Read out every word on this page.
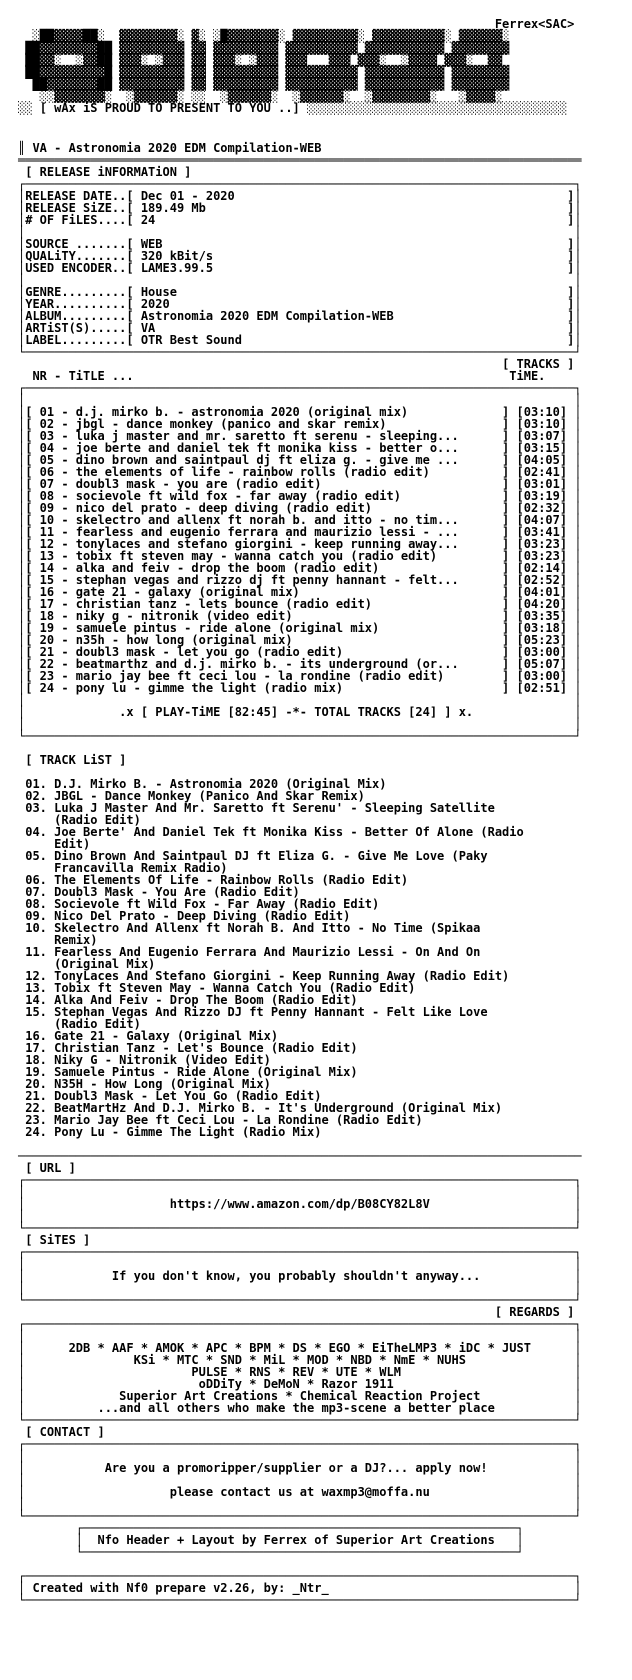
Ferrex<SAC>
░██▓▓▓▓██░  ▓▓▓▓▓▓▓▓░ ▓░ ░█▓▓▓▓▓▓▓░ ▓▓▓▓▓▓▓▓▓░ ▓▓▓▓▓▓▓▓▓▓░ ▓▓▓▓▓▓░
██▓▓▓▓▓▓▓▓██ ▓▓▓▓▓▓▓▓▓ ▓▓ ▓▓▓▓▓▓▓▓▓ ▓▓▓▓▓▓▓▓▓▓ ▓▓▓▓▓▓▓▓▓▓▓ ▓▓▓▓▓▓▓▓
██▓▓░  ░▓▓██ ▓▓▓░ ░▓▓▓ ▓▓ ▓▓▓░ ░▓▓▓ ▓▓▓   ▓▓▓ ▓▓▓░  ░▓▓▓▓ ▓▓▓░  ▓▓
██▓▓▓▓▓▓▓▓▓█ ▓▓▓▓▓▓▓▓▓ ▓▓ ▓▓▓▓▓▓▓▓▓ ▓▓▓▓▓▓▓▓▓▓ ▓▓▓▓▓▓▓▓▓▓▓ ▓▓▓▓▓▓▓▓
██▓▓▓▓▓▓▓██ ▓▓▓▓▓▓▓▓▓ ▓▓ ▓▓▓▓▓▓▓▓▓ ▓▓▓▓▓▓▓▓▓▓ ▓▓▓▓▓▓▓▓▓▓▓ ▓▓▓▓▓▓▓▓
░░▓▓▓▓▓▓▓░  ░▓▓▓▓▓▓░ ░░  ░▓▓▓▓▓▓░  ░▓▓▓▓▓▓░  ░▓▓▓▓▓▓▓▓░   ░▓▓▓▓░
░░ [ wAx iS PROUD TO PRESENT TO YOU ..] ░░░░░░░░░░░░░░░░░░░░░░░░░░░░░░░░░░░░

║ VA - Astronomia 2020 EDM Compilation-WEB
══════════════════════════════════════════════════════════════════════════════
[ RELEASE iNFORMATiON ]
┌────────────────────────────────────────────────────────────────────────────┐
│RELEASE DATE..[ Dec 01 - 2020                                              ]│
│RELEASE SiZE..[ 189.49 Mb                                                  ]│
│# OF FiLES....[ 24                                                         ]│
│	│
│SOURCE .......[ WEB                                                        ]│
│QUALiTY.......[ 320 kBit/s                                                 ]│
│USED ENCODER..[ LAME3.99.5                                                 ]│
│	│
│GENRE.........[ House                                                      ]│
│YEAR..........[ 2020                                                       ]│
│ALBUM.........[ Astronomia 2020 EDM Compilation-WEB                        ]│
│ARTiST(S).....[ VA                                                         ]│
│LABEL.........[ OTR Best Sound                                             ]│
└────────────────────────────────────────────────────────────────────────────┘
[ TRACKS ]
NR - TiTLE ...                                                    TiME.
┌────────────────────────────────────────────────────────────────────────────┐
│	│
│[ 01 - d.j. mirko b. - astronomia 2020 (original mix)             ] [03:10] │
│[ 02 - jbgl - dance monkey (panico and skar remix)                ] [03:10] │
│[ 03 - luka j master and mr. saretto ft serenu - sleeping...      ] [03:07] │
│[ 04 - joe berte and daniel tek ft monika kiss - better o...      ] [03:15] │
│[ 05 - dino brown and saintpaul dj ft eliza g. - give me ...      ] [04:05] │
│[ 06 - the elements of life - rainbow rolls (radio edit)          ] [02:41] │
│[ 07 - doubl3 mask - you are (radio edit)                         ] [03:01] │
│[ 08 - socievole ft wild fox - far away (radio edit)              ] [03:19] │
│[ 09 - nico del prato - deep diving (radio edit)                  ] [02:32] │
│[ 10 - skelectro and allenx ft norah b. and itto - no tim...      ] [04:07] │
│[ 11 - fearless and eugenio ferrara and maurizio lessi - ...      ] [03:41] │
│[ 12 - tonylaces and stefano giorgini - keep running away...      ] [03:23] │
│[ 13 - tobix ft steven may - wanna catch you (radio edit)         ] [03:23] │
│[ 14 - alka and feiv - drop the boom (radio edit)                 ] [02:14] │
│[ 15 - stephan vegas and rizzo dj ft penny hannant - felt...      ] [02:52] │
│[ 16 - gate 21 - galaxy (original mix)                            ] [04:01] │
│[ 17 - christian tanz - lets bounce (radio edit)                  ] [04:20] │
│[ 18 - niky g - nitronik (video edit)                             ] [03:35] │
│[ 19 - samuele pintus - ride alone (original mix)                 ] [03:18] │
│[ 20 - n35h - how long (original mix)                             ] [05:23] │
│[ 21 - doubl3 mask - let you go (radio edit)                      ] [03:00] │
│[ 22 - beatmarthz and d.j. mirko b. - its underground (or...      ] [05:07] │
│[ 23 - mario jay bee ft ceci lou - la rondine (radio edit)        ] [03:00] │
│[ 24 - pony lu - gimme the light (radio mix)                      ] [02:51] │
│	│
│             .x [ PLAY-TiME [82:45] -*- TOTAL TRACKS [24] ] x.              │
│	│
└────────────────────────────────────────────────────────────────────────────┘

[ TRACK LiST ]

01. D.J. Mirko B. - Astronomia 2020 (Original Mix)
02. JBGL - Dance Monkey (Panico And Skar Remix)
03. Luka J Master And Mr. Saretto ft Serenu' - Sleeping Satellite
(Radio Edit)
04. Joe Berte' And Daniel Tek ft Monika Kiss - Better Of Alone (Radio
Edit)
05. Dino Brown And Saintpaul DJ ft Eliza G. - Give Me Love (Paky
Francavilla Remix Radio)
06. The Elements Of Life - Rainbow Rolls (Radio Edit)
07. Doubl3 Mask - You Are (Radio Edit)
08. Socievole ft Wild Fox - Far Away (Radio Edit)
09. Nico Del Prato - Deep Diving (Radio Edit)
10. Skelectro And Allenx ft Norah B. And Itto - No Time (Spikaa
Remix)
11. Fearless And Eugenio Ferrara And Maurizio Lessi - On And On
(Original Mix)
12. TonyLaces And Stefano Giorgini - Keep Running Away (Radio Edit)
13. Tobix ft Steven May - Wanna Catch You (Radio Edit)
14. Alka And Feiv - Drop The Boom (Radio Edit)
15. Stephan Vegas And Rizzo DJ ft Penny Hannant - Felt Like Love
(Radio Edit)
16. Gate 21 - Galaxy (Original Mix)
17. Christian Tanz - Let's Bounce (Radio Edit)
18. Niky G - Nitronik (Video Edit)
19. Samuele Pintus - Ride Alone (Original Mix)
20. N35H - How Long (Original Mix)
21. Doubl3 Mask - Let You Go (Radio Edit)
22. BeatMartHz And D.J. Mirko B. - It's Underground (Original Mix)
23. Mario Jay Bee ft Ceci Lou - La Rondine (Radio Edit)
24. Pony Lu - Gimme The Light (Radio Mix)

──────────────────────────────────────────────────────────────────────────────
[ URL ]
┌────────────────────────────────────────────────────────────────────────────┐
│	│
│                    https://www.amazon.com/dp/B08CY82L8V                    │
│	│
└────────────────────────────────────────────────────────────────────────────┘
[ SiTES ]
┌────────────────────────────────────────────────────────────────────────────┐
│	│
│            If you don't know, you probably shouldn't anyway...             │
│	│
└────────────────────────────────────────────────────────────────────────────┘
[ REGARDS ]
┌────────────────────────────────────────────────────────────────────────────┐
│	│
│      2DB * AAF * AMOK * APC * BPM * DS * EGO * EiTheLMP3 * iDC * JUST      │
│               KSi * MTC * SND * MiL * MOD * NBD * NmE * NUHS               │
│                       PULSE * RNS * REV * UTE * WLM                        │
│                        oDDiTy * DeMoN * Razor 1911                         │
│             Superior Art Creations * Chemical Reaction Project             │
│          ...and all others who make the mp3-scene a better place           │
└────────────────────────────────────────────────────────────────────────────┘
[ CONTACT ]
┌────────────────────────────────────────────────────────────────────────────┐
│	│
│           Are you a promoripper/supplier or a DJ?... apply now!            │
│	│
│                    please contact us at waxmp3@moffa.nu                    │
│	│
└────────────────────────────────────────────────────────────────────────────┘
┌────────────────────────────────────────────────────────────┐
│  Nfo Header + Layout by Ferrex of Superior Art Creations   │
└────────────────────────────────────────────────────────────┘

┌────────────────────────────────────────────────────────────────────────────┐
│ Created with Nf0 prepare v2.26, by: _Ntr_                                  │
└────────────────────────────────────────────────────────────────────────────┘
